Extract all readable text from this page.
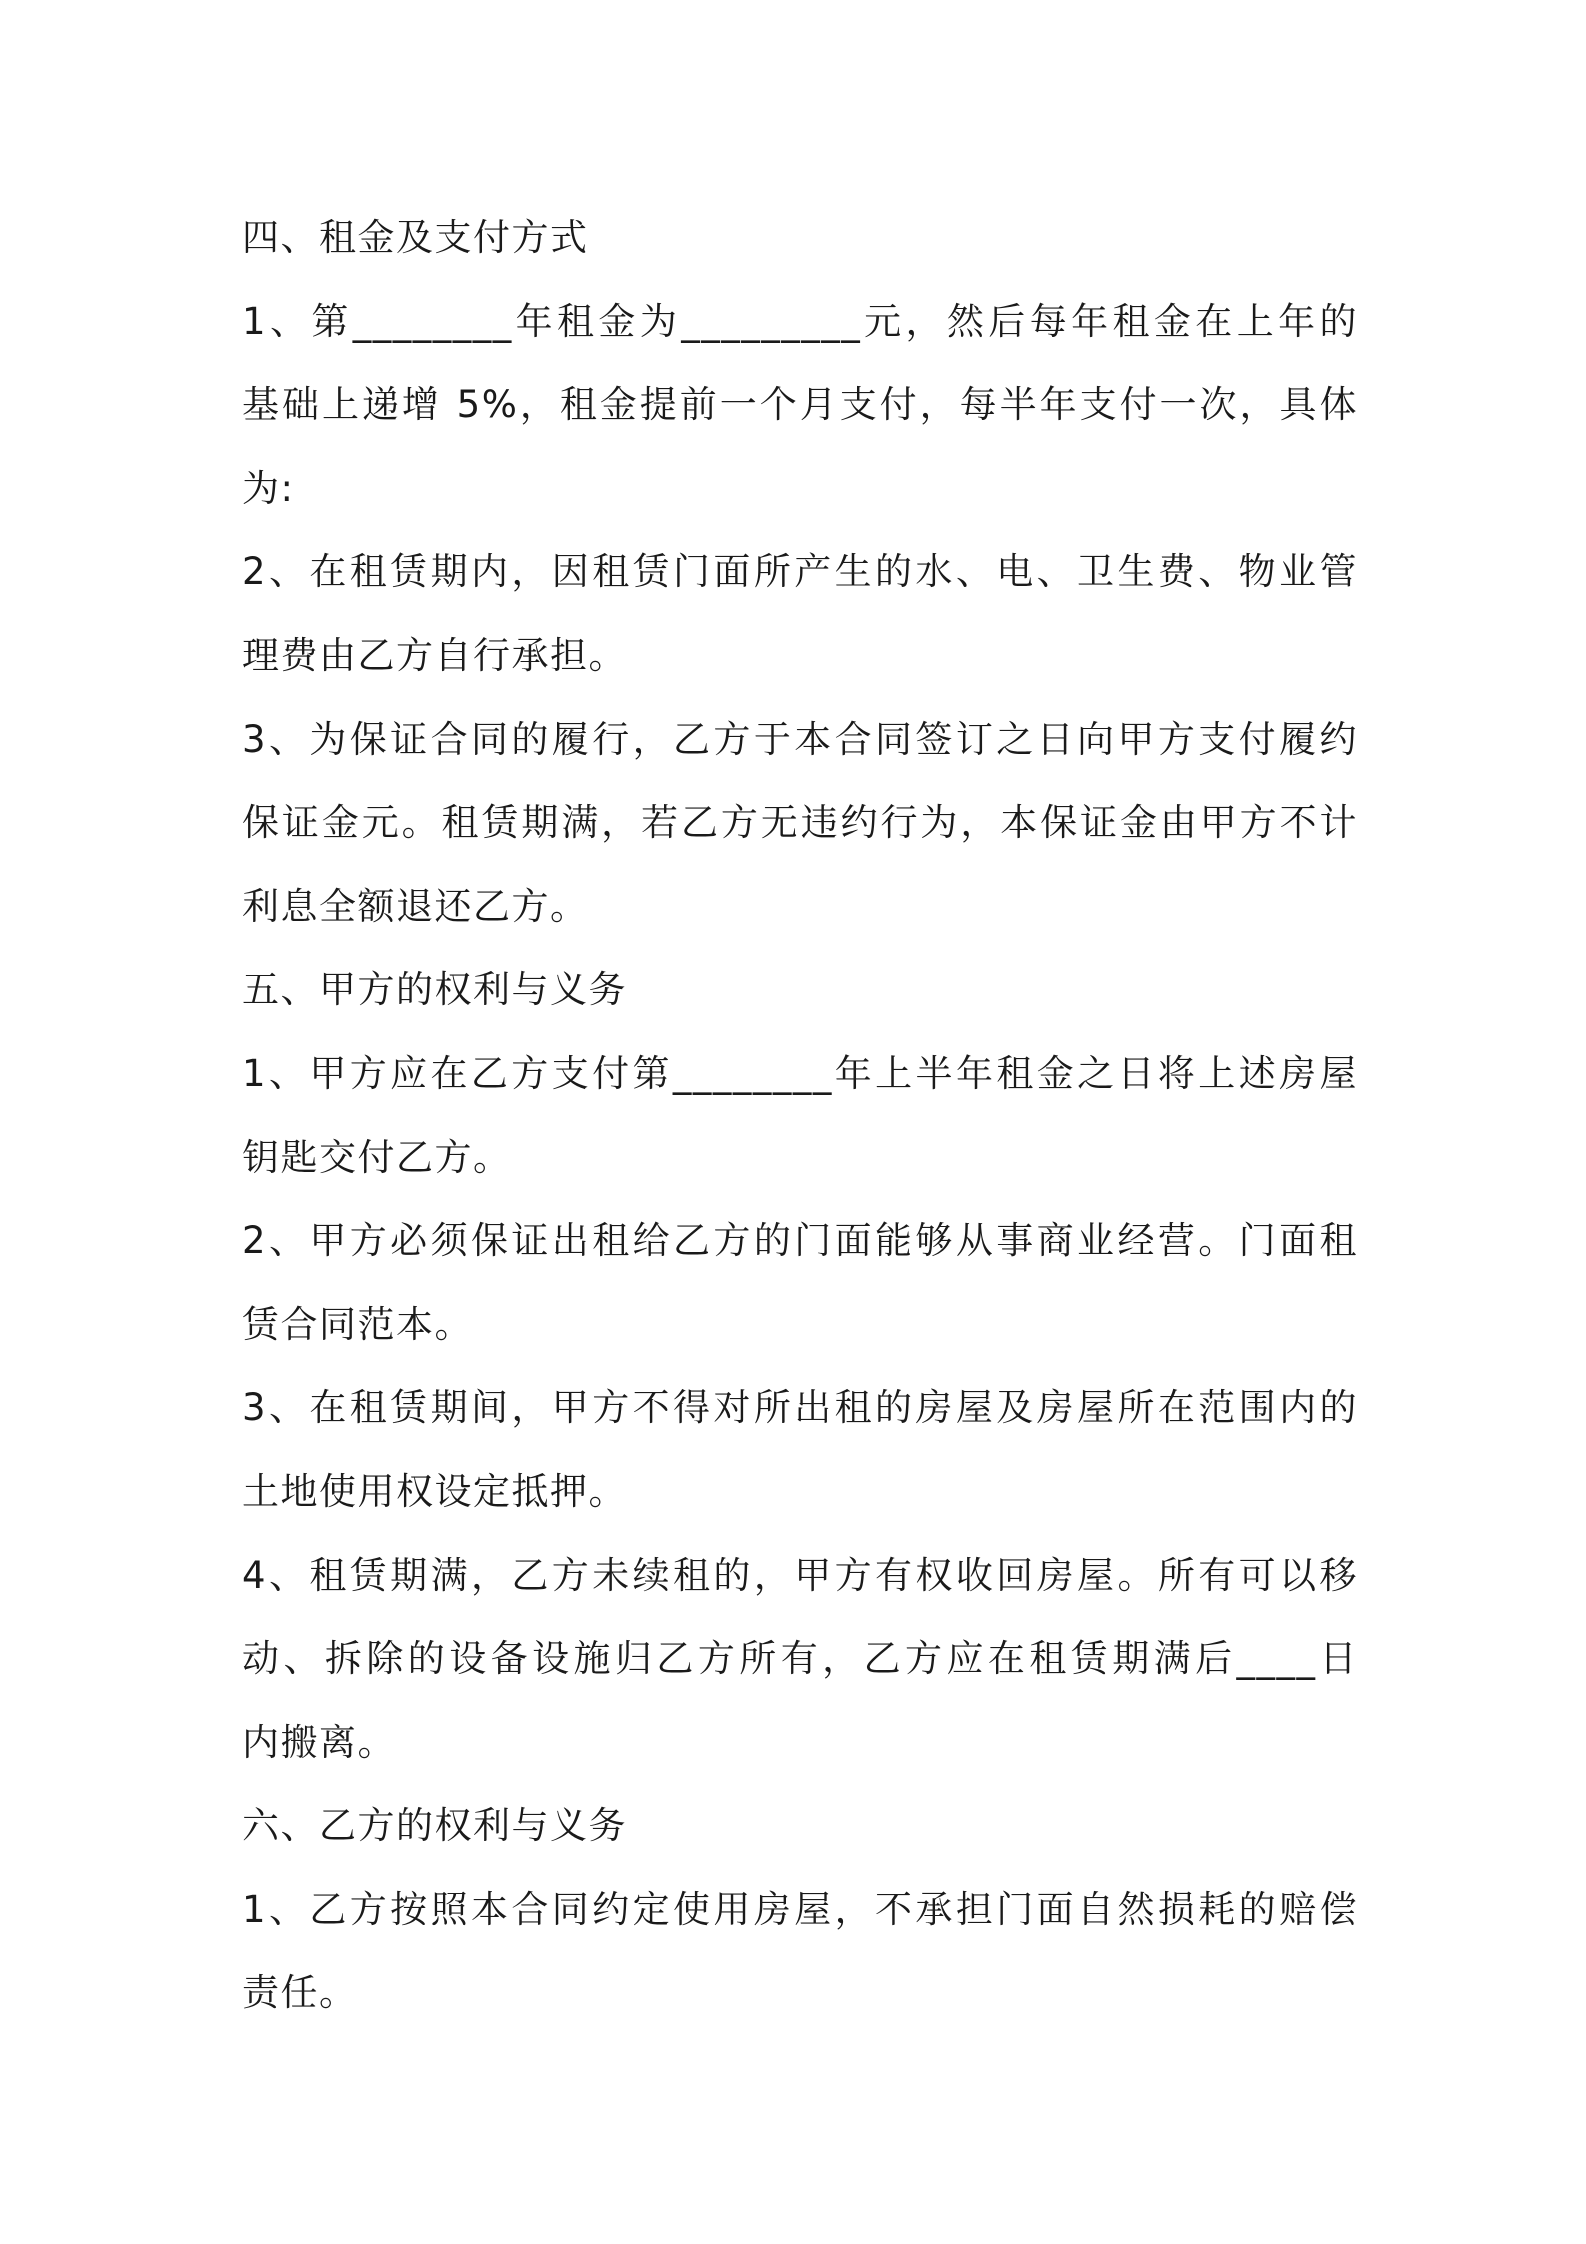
四、租金及支付方式
1、第________年租金为_________元，然后每年租金在上年的
基础上递增 5%，租金提前一个月支付，每半年支付一次，具体
为:
2、在租赁期内，因租赁门面所产生的水、电、卫生费、物业管
理费由乙方自行承担。
3、为保证合同的履行，乙方于本合同签订之日向甲方支付履约
保证金元。租赁期满，若乙方无违约行为，本保证金由甲方不计
利息全额退还乙方。
五、甲方的权利与义务
1、甲方应在乙方支付第________年上半年租金之日将上述房屋
钥匙交付乙方。
2、甲方必须保证出租给乙方的门面能够从事商业经营。门面租
赁合同范本。
3、在租赁期间，甲方不得对所出租的房屋及房屋所在范围内的
土地使用权设定抵押。
4、租赁期满，乙方未续租的，甲方有权收回房屋。所有可以移
动、拆除的设备设施归乙方所有，乙方应在租赁期满后____日
内搬离。
六、乙方的权利与义务
1、乙方按照本合同约定使用房屋，不承担门面自然损耗的赔偿
责任。
